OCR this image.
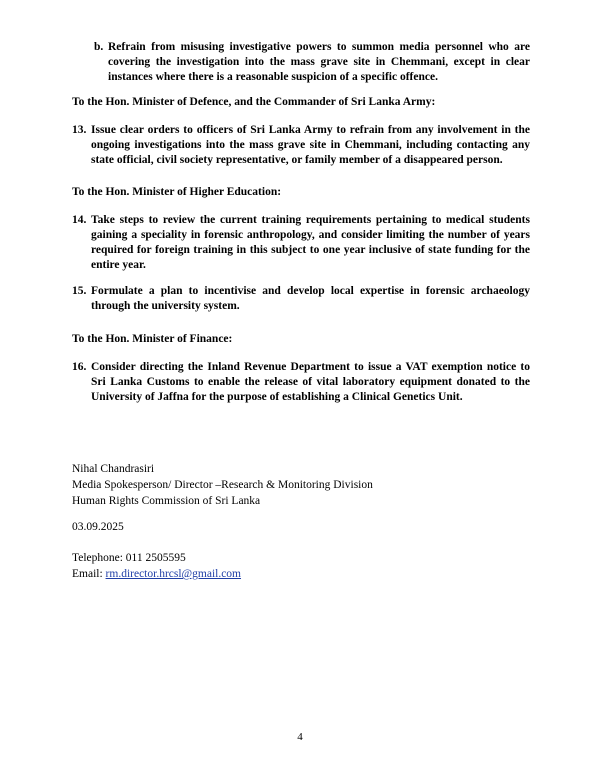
b. Refrain from misusing investigative powers to summon media personnel who are covering the investigation into the mass grave site in Chemmani, except in clear instances where there is a reasonable suspicion of a specific offence.
To the Hon. Minister of Defence, and the Commander of Sri Lanka Army:
13. Issue clear orders to officers of Sri Lanka Army to refrain from any involvement in the ongoing investigations into the mass grave site in Chemmani, including contacting any state official, civil society representative, or family member of a disappeared person.
To the Hon. Minister of Higher Education:
14. Take steps to review the current training requirements pertaining to medical students gaining a speciality in forensic anthropology, and consider limiting the number of years required for foreign training in this subject to one year inclusive of state funding for the entire year.
15. Formulate a plan to incentivise and develop local expertise in forensic archaeology through the university system.
To the Hon. Minister of Finance:
16. Consider directing the Inland Revenue Department to issue a VAT exemption notice to Sri Lanka Customs to enable the release of vital laboratory equipment donated to the University of Jaffna for the purpose of establishing a Clinical Genetics Unit.
Nihal Chandrasiri
Media Spokesperson/ Director –Research & Monitoring Division
Human Rights Commission of Sri Lanka
03.09.2025
Telephone: 011 2505595
Email: rm.director.hrcsl@gmail.com
4
